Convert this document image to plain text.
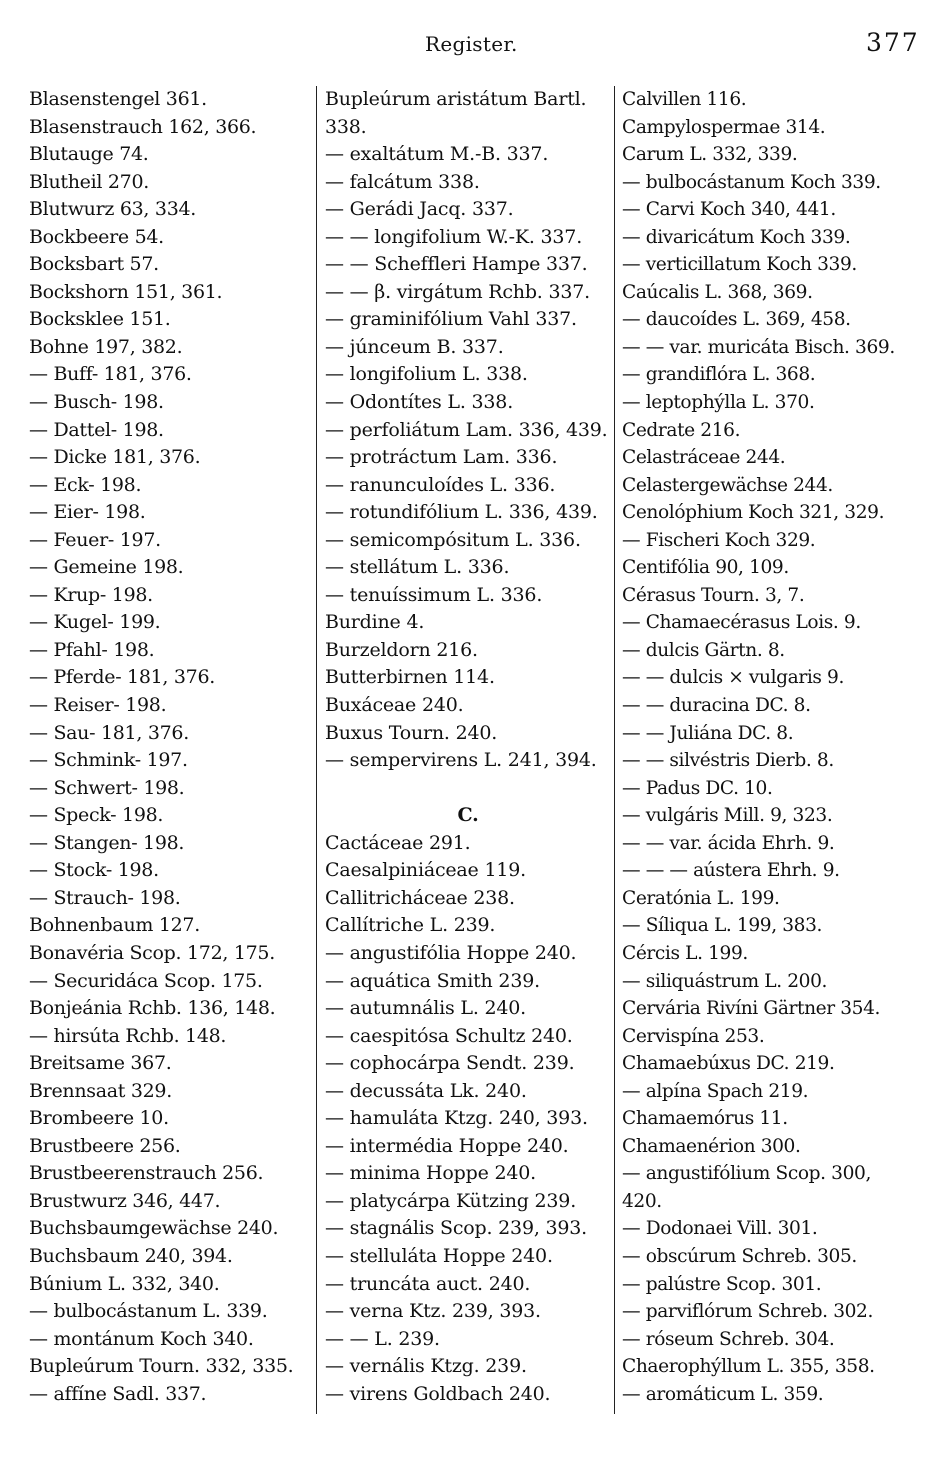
Register.	377
Blasenstengel 361.
Blasenstrauch 162, 366.
Blutauge 74.
Blutheil 270.
Blutwurz 63, 334.
Bockbeere 54.
Bocksbart 57.
Bockshorn 151, 361.
Bocksklee 151.
Bohne 197, 382.
— Buff- 181, 376.
— Busch- 198.
— Dattel- 198.
— Dicke 181, 376.
— Eck- 198.
— Eier- 198.
— Feuer- 197.
— Gemeine 198.
— Krup- 198.
— Kugel- 199.
— Pfahl- 198.
— Pferde- 181, 376.
— Reiser- 198.
— Sau- 181, 376.
— Schmink- 197.
— Schwert- 198.
— Speck- 198.
— Stangen- 198.
— Stock- 198.
— Strauch- 198.
Bohnenbaum 127.
Bonavéria Scop. 172, 175.
— Securidáca Scop. 175.
Bonjeánia Rchb. 136, 148.
— hirsúta Rchb. 148.
Breitsame 367.
Brennsaat 329.
Brombeere 10.
Brustbeere 256.
Brustbeerenstrauch 256.
Brustwurz 346, 447.
Buchsbaumgewächse 240.
Buchsbaum 240, 394.
Búnium L. 332, 340.
— bulbocástanum L. 339.
— montánum Koch 340.
Bupleúrum Tourn. 332, 335.
— affíne Sadl. 337.
Bupleúrum aristátum Bartl.
338.
— exaltátum M.-B. 337.
— falcátum 338.
— Gerádi Jacq. 337.
— — longifolium W.-K. 337.
— — Scheffleri Hampe 337.
— — β. virgátum Rchb. 337.
— graminifólium Vahl 337.
— júnceum B. 337.
— longifolium L. 338.
— Odontítes L. 338.
— perfoliátum Lam. 336, 439.
— protráctum Lam. 336.
— ranunculoídes L. 336.
— rotundifólium L. 336, 439.
— semicompósitum L. 336.
— stellátum L. 336.
— tenuíssimum L. 336.
Burdine 4.
Burzeldorn 216.
Butterbirnen 114.
Buxáceae 240.
Buxus Tourn. 240.
— sempervirens L. 241, 394.
C.
Cactáceae 291.
Caesalpiniáceae 119.
Callitricháceae 238.
Callítriche L. 239.
— angustifólia Hoppe 240.
— aquática Smith 239.
— autumnális L. 240.
— caespitósa Schultz 240.
— cophocárpa Sendt. 239.
— decussáta Lk. 240.
— hamuláta Ktzg. 240, 393.
— intermédia Hoppe 240.
— minima Hoppe 240.
— platycárpa Kützing 239.
— stagnális Scop. 239, 393.
— stelluláta Hoppe 240.
— truncáta auct. 240.
— verna Ktz. 239, 393.
— — L. 239.
— vernális Ktzg. 239.
— virens Goldbach 240.
Calvillen 116.
Campylospermae 314.
Carum L. 332, 339.
— bulbocástanum Koch 339.
— Carvi Koch 340, 441.
— divaricátum Koch 339.
— verticillatum Koch 339.
Caúcalis L. 368, 369.
— daucoídes L. 369, 458.
— — var. muricáta Bisch. 369.
— grandiflóra L. 368.
— leptophýlla L. 370.
Cedrate 216.
Celastráceae 244.
Celastergewächse 244.
Cenolóphium Koch 321, 329.
— Fischeri Koch 329.
Centifólia 90, 109.
Cérasus Tourn. 3, 7.
— Chamaecérasus Lois. 9.
— dulcis Gärtn. 8.
— — dulcis × vulgaris 9.
— — duracina DC. 8.
— — Juliána DC. 8.
— — silvéstris Dierb. 8.
— Padus DC. 10.
— vulgáris Mill. 9, 323.
— — var. ácida Ehrh. 9.
— — — aústera Ehrh. 9.
Ceratónia L. 199.
— Síliqua L. 199, 383.
Cércis L. 199.
— siliquástrum L. 200.
Cervária Rivíni Gärtner 354.
Cervispína 253.
Chamaebúxus DC. 219.
— alpína Spach 219.
Chamaemórus 11.
Chamaenérion 300.
— angustifólium Scop. 300,
420.
— Dodonaei Vill. 301.
— obscúrum Schreb. 305.
— palústre Scop. 301.
— parviflórum Schreb. 302.
— róseum Schreb. 304.
Chaerophýllum L. 355, 358.
— aromáticum L. 359.
